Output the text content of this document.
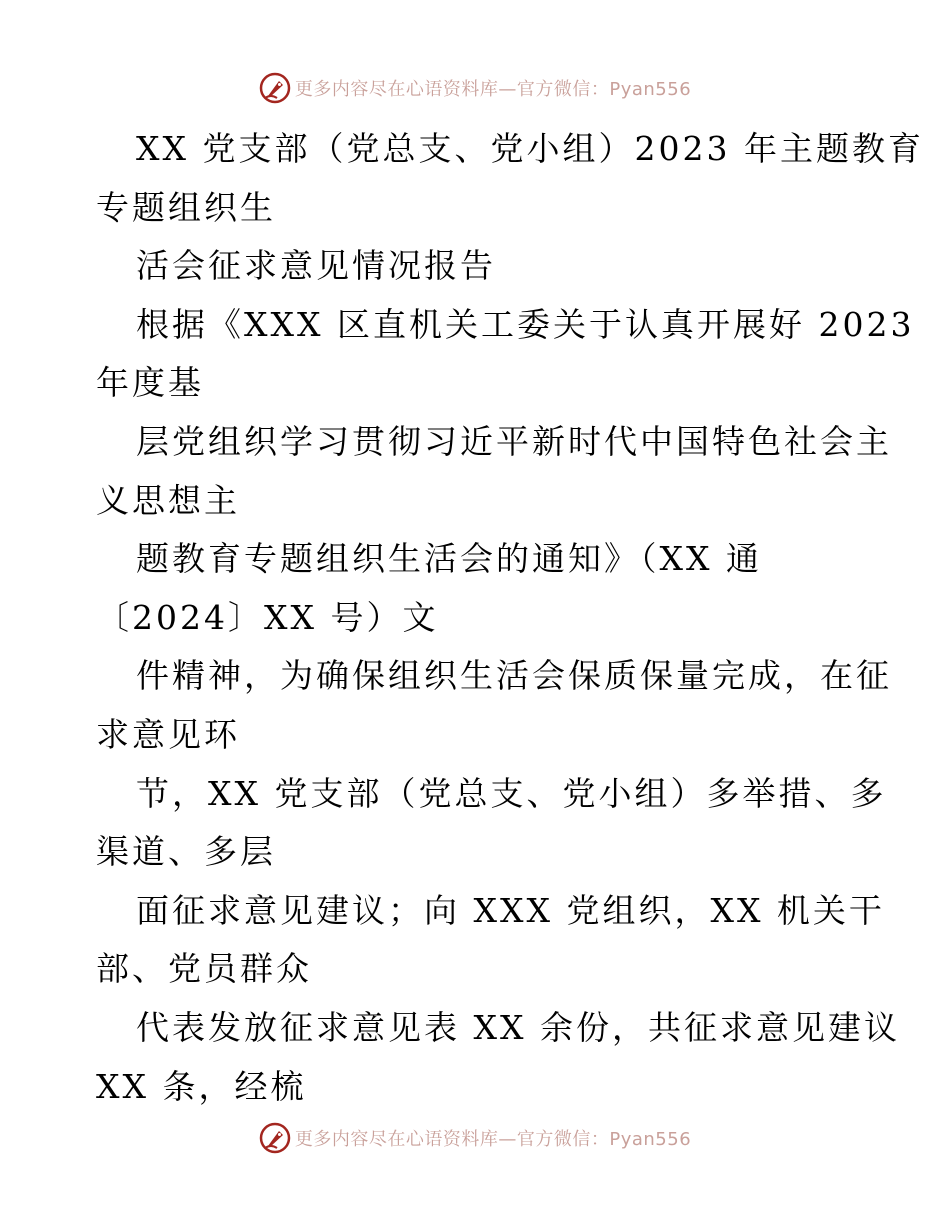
更多内容尽在心语资料库—官方微信：Pyan556
XX 党支部（党总支、党小组）2023 年主题教育
专题组织生
活会征求意见情况报告
根据《XXX 区直机关工委关于认真开展好 2023
年度基
层党组织学习贯彻习近平新时代中国特色社会主
义思想主
题教育专题组织生活会的通知》（XX 通
〔2024〕XX 号）文
件精神，为确保组织生活会保质保量完成，在征
求意见环
节，XX 党支部（党总支、党小组）多举措、多
渠道、多层
面征求意见建议；向 XXX 党组织，XX 机关干
部、党员群众
代表发放征求意见表 XX 余份，共征求意见建议
XX 条，经梳
更多内容尽在心语资料库—官方微信：Pyan556
